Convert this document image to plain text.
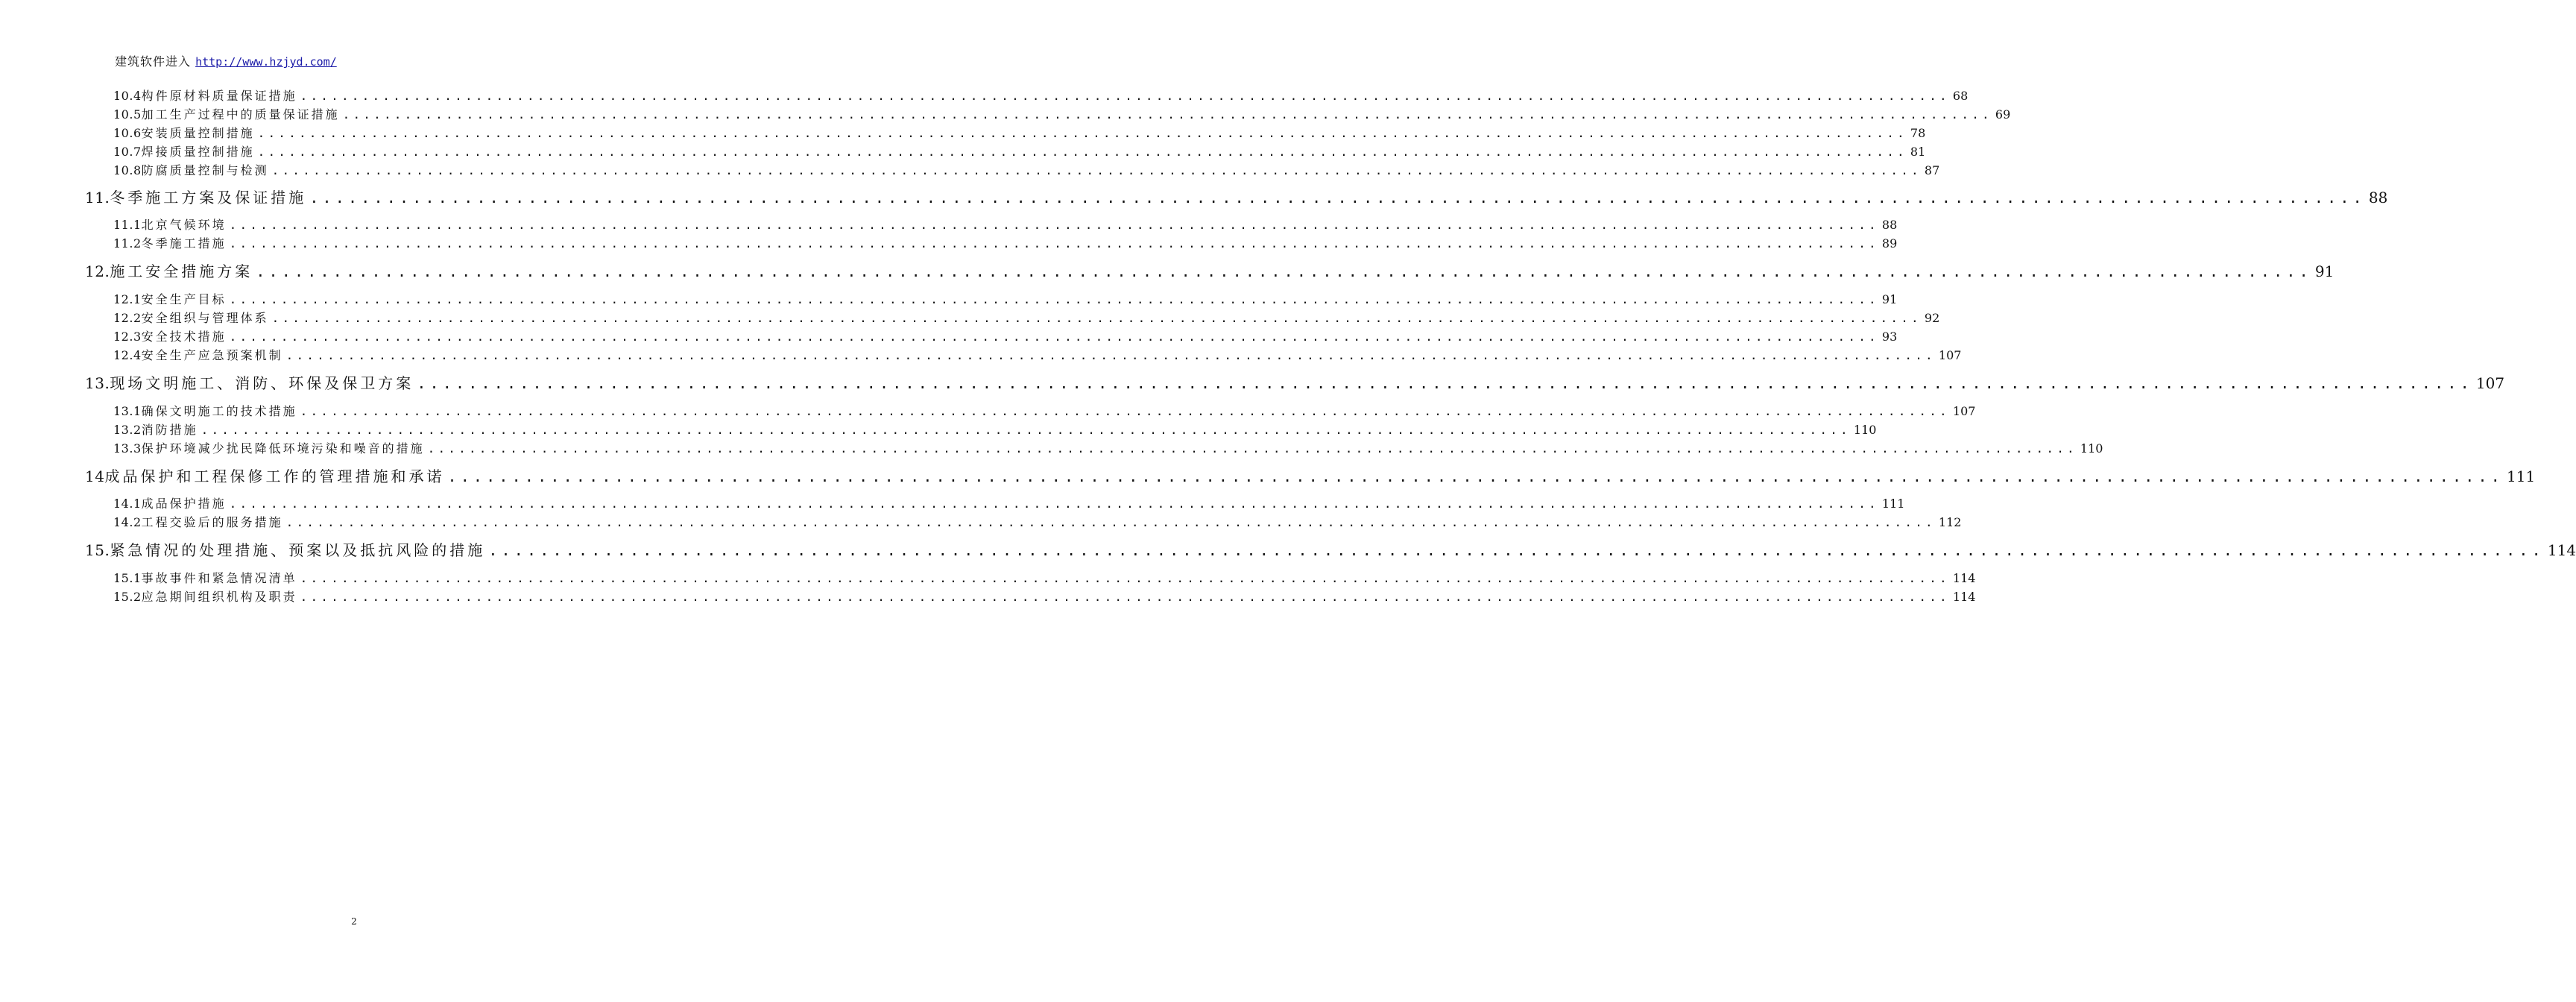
建筑软件进入 http://www.hzjyd.com/
10.4 构件原材料质量保证措施 ................................................................................................................................................................ 68
10.5 加工生产过程中的质量保证措施 ................................................................................................................................................................ 69
10.6 安装质量控制措施 ................................................................................................................................................................ 78
10.7 焊接质量控制措施 ................................................................................................................................................................ 81
10.8 防腐质量控制与检测 ................................................................................................................................................................ 87
11. 冬季施工方案及保证措施 ................................................................................................................................................................ 88
11.1 北京气候环境 ................................................................................................................................................................ 88
11.2 冬季施工措施 ................................................................................................................................................................ 89
12. 施工安全措施方案 ................................................................................................................................................................ 91
12.1 安全生产目标 ................................................................................................................................................................ 91
12.2 安全组织与管理体系 ................................................................................................................................................................ 92
12.3 安全技术措施 ................................................................................................................................................................ 93
12.4 安全生产应急预案机制 ................................................................................................................................................................ 107
13. 现场文明施工、消防、环保及保卫方案 ................................................................................................................................................................ 107
13.1 确保文明施工的技术措施 ................................................................................................................................................................ 107
13.2 消防措施 ................................................................................................................................................................ 110
13.3 保护环境减少扰民降低环境污染和噪音的措施 ................................................................................................................................................................ 110
14 成品保护和工程保修工作的管理措施和承诺 ................................................................................................................................................................ 111
14.1 成品保护措施 ................................................................................................................................................................ 111
14.2 工程交验后的服务措施 ................................................................................................................................................................ 112
15. 紧急情况的处理措施、预案以及抵抗风险的措施 ................................................................................................................................................................ 114
15.1 事故事件和紧急情况清单 ................................................................................................................................................................ 114
15.2 应急期间组织机构及职责 ................................................................................................................................................................ 114
2
